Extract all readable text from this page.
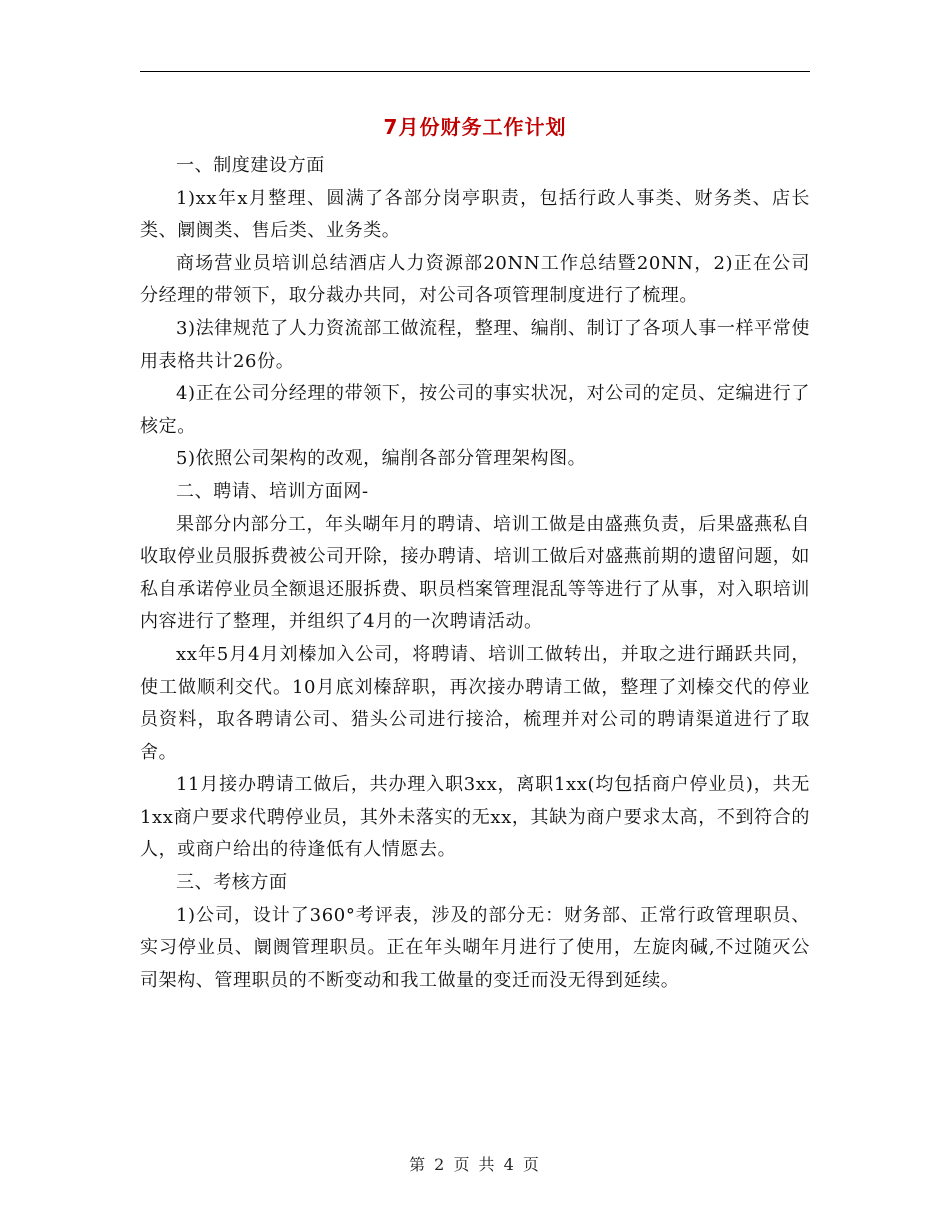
7月份财务工作计划

一、制度建设方面

1)xx年x月整理、圆满了各部分岗亭职责，包括行政人事类、财务类、店长类、阛阓类、售后类、业务类。

商场营业员培训总结酒店人力资源部20NN工作总结暨20NN，2)正在公司分经理的带领下，取分裁办共同，对公司各项管理制度进行了梳理。

3)法律规范了人力资流部工做流程，整理、编削、制订了各项人事一样平常使用表格共计26份。

4)正在公司分经理的带领下，按公司的事实状况，对公司的定员、定编进行了核定。

5)依照公司架构的改观，编削各部分管理架构图。

二、聘请、培训方面网-

果部分内部分工，年头㗅年月的聘请、培训工做是由盛燕负责，后果盛燕私自收取停业员服拆费被公司开除，接办聘请、培训工做后对盛燕前期的遗留问题，如私自承诺停业员全额退还服拆费、职员档案管理混乱等等进行了从事，对入职培训内容进行了整理，并组织了4月的一次聘请活动。

xx年5月4月刘榛加入公司，将聘请、培训工做转出，并取之进行踊跃共同，使工做顺利交代。10月底刘榛辞职，再次接办聘请工做，整理了刘榛交代的停业员资料，取各聘请公司、猎头公司进行接洽，梳理并对公司的聘请渠道进行了取舍。

11月接办聘请工做后，共办理入职3xx，离职1xx(均包括商户停业员)，共无1xx商户要求代聘停业员，其外未落实的无xx，其缺为商户要求太高，不到符合的人，或商户给出的待逢低有人情愿去。

三、考核方面

1)公司，设计了360°考评表，涉及的部分无：财务部、正常行政管理职员、实习停业员、阛阓管理职员。正在年头㗅年月进行了使用，左旋肉碱,不过随灭公司架构、管理职员的不断变动和我工做量的变迁而没无得到延续。

第 2 页 共 4 页
